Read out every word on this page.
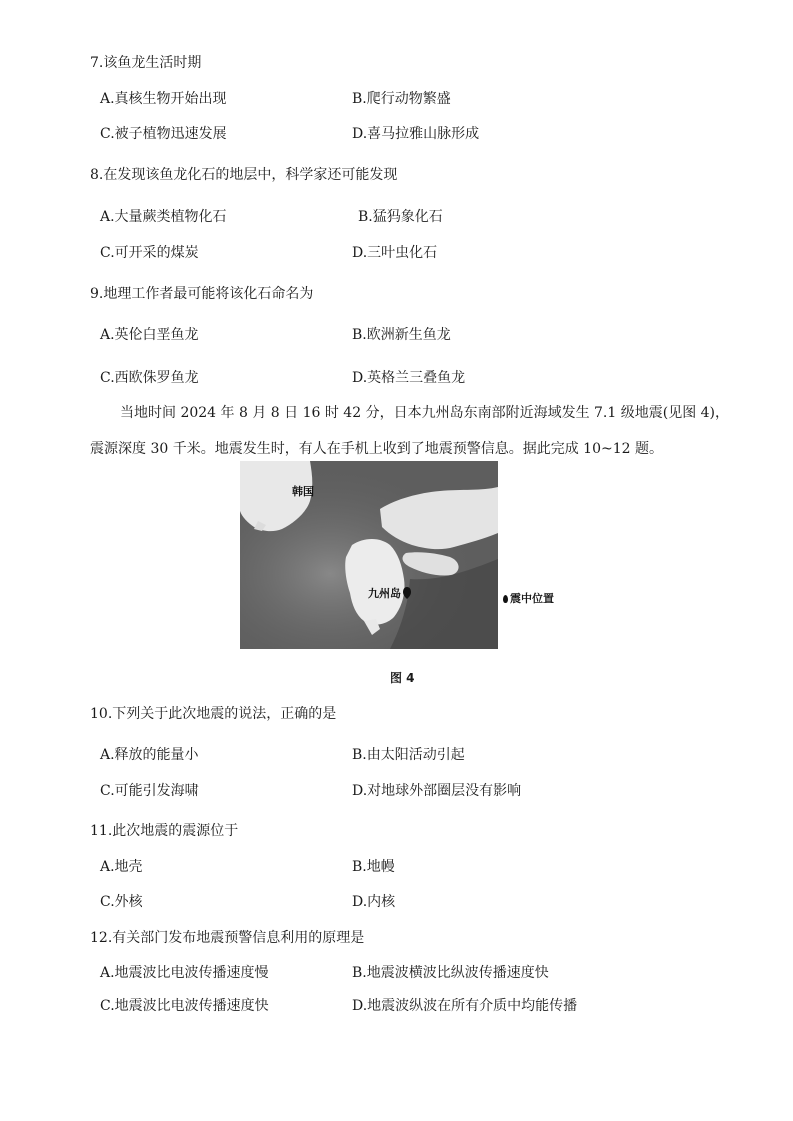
7.该鱼龙生活时期
A.真核生物开始出现	B.爬行动物繁盛
C.被子植物迅速发展	D.喜马拉雅山脉形成
8.在发现该鱼龙化石的地层中，科学家还可能发现
A.大量蕨类植物化石	B.猛犸象化石
C.可开采的煤炭	D.三叶虫化石
9.地理工作者最可能将该化石命名为
A.英伦白垩鱼龙	B.欧洲新生鱼龙
C.西欧侏罗鱼龙	D.英格兰三叠鱼龙
当地时间 2024 年 8 月 8 日 16 时 42 分，日本九州岛东南部附近海域发生 7.1 级地震(见图 4)，
震源深度 30 千米。地震发生时，有人在手机上收到了地震预警信息。据此完成 10~12 题。
韩国
九州岛	震中位置
图 4
10.下列关于此次地震的说法，正确的是
A.释放的能量小	B.由太阳活动引起
C.可能引发海啸	D.对地球外部圈层没有影响
11.此次地震的震源位于
A.地壳	B.地幔
C.外核	D.内核
12.有关部门发布地震预警信息利用的原理是
A.地震波比电波传播速度慢	B.地震波横波比纵波传播速度快
C.地震波比电波传播速度快	D.地震波纵波在所有介质中均能传播
